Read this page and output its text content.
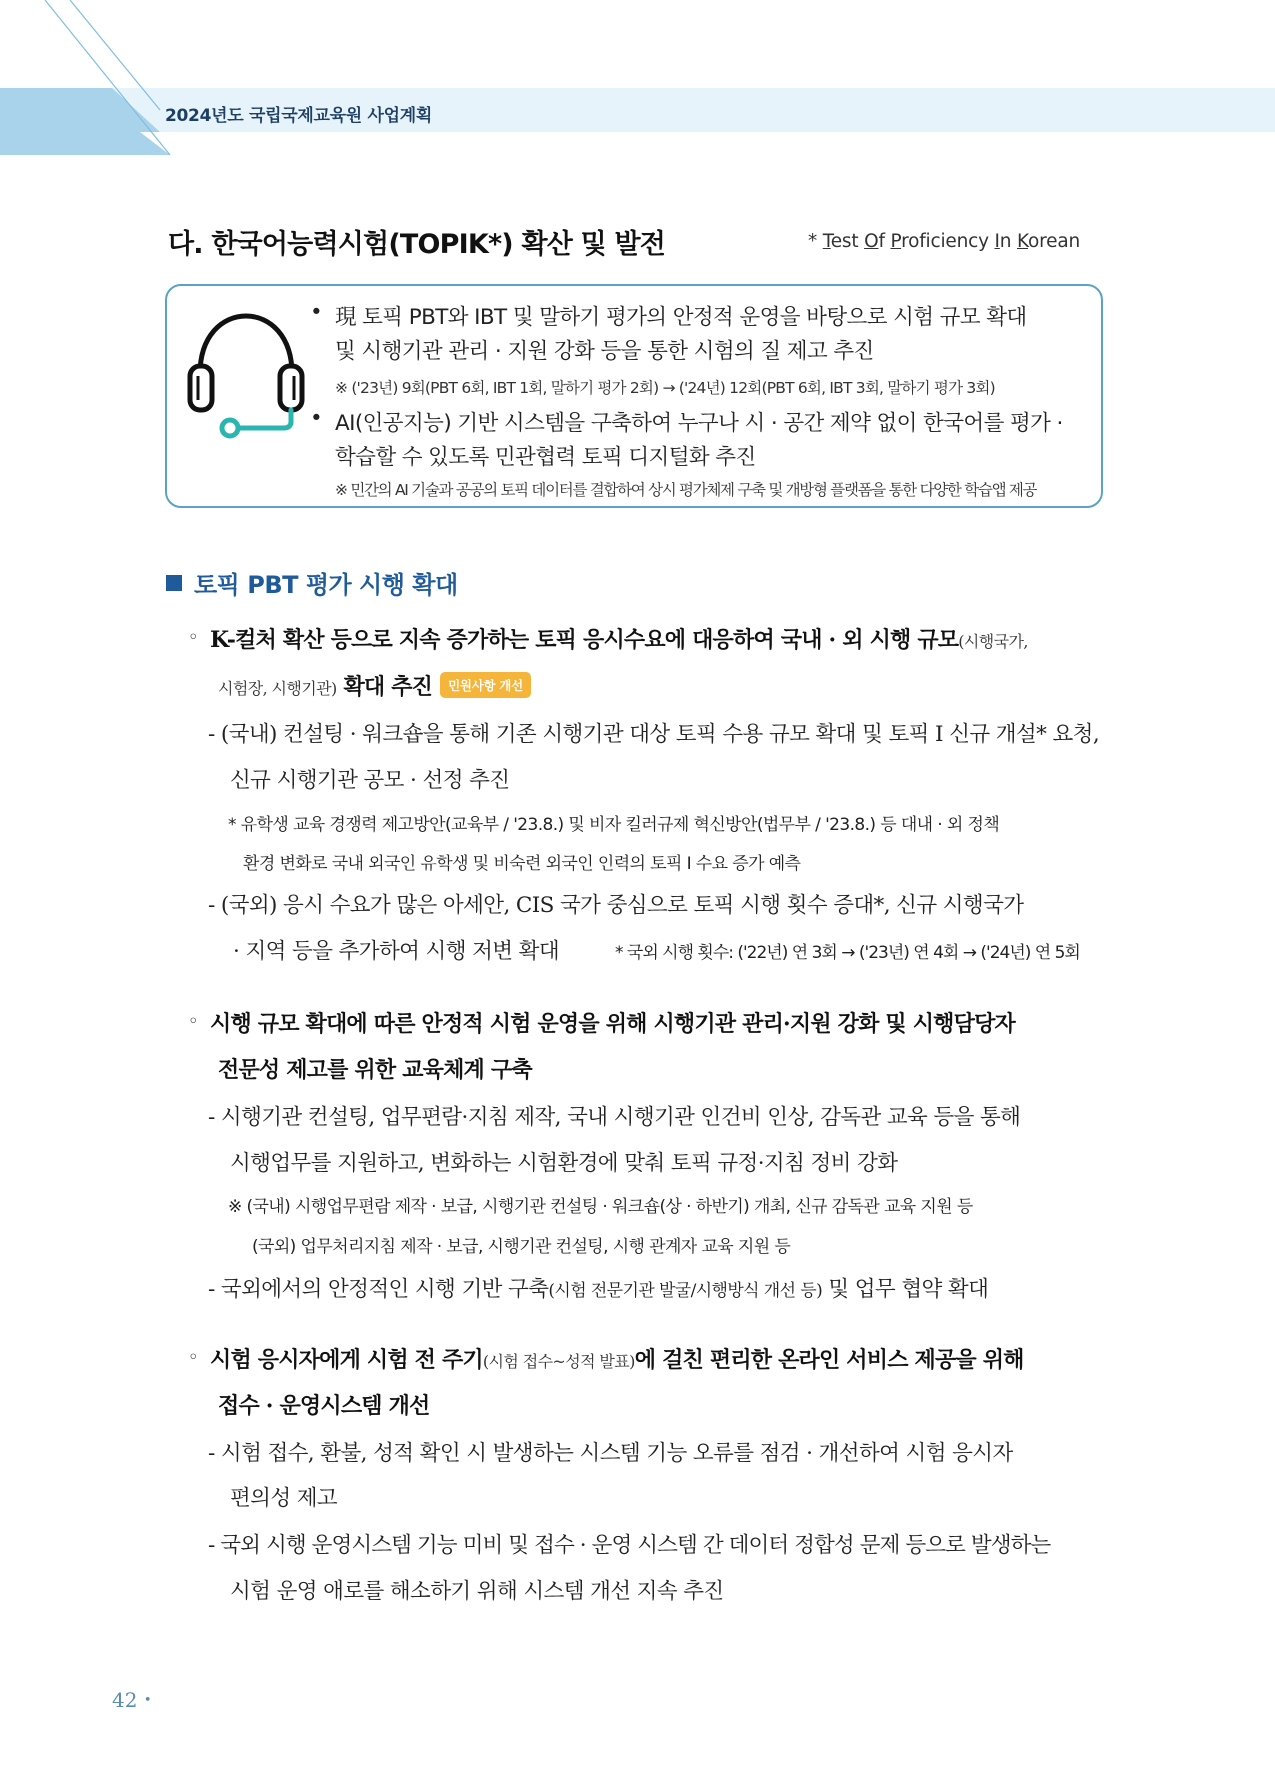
2024년도 국립국제교육원 사업계획
다. 한국어능력시험(TOPIK*) 확산 및 발전	* Test Of Proficiency In Korean
• 現 토픽 PBT와 IBT 및 말하기 평가의 안정적 운영을 바탕으로 시험 규모 확대
및 시행기관 관리 · 지원 강화 등을 통한 시험의 질 제고 추진
※ ('23년) 9회(PBT 6회, IBT 1회, 말하기 평가 2회) → ('24년) 12회(PBT 6회, IBT 3회, 말하기 평가 3회)
• AI(인공지능) 기반 시스템을 구축하여 누구나 시 · 공간 제약 없이 한국어를 평가 ·
학습할 수 있도록 민관협력 토픽 디지털화 추진
※ 민간의 AI 기술과 공공의 토픽 데이터를 결합하여 상시 평가체제 구축 및 개방형 플랫폼을 통한 다양한 학습앱 제공
토픽 PBT 평가 시행 확대
◦ K-컬처 확산 등으로 지속 증가하는 토픽 응시수요에 대응하여 국내 · 외 시행 규모(시행국가,
시험장, 시행기관) 확대 추진 민원사항 개선
- (국내) 컨설팅 · 워크숍을 통해 기존 시행기관 대상 토픽 수용 규모 확대 및 토픽 I 신규 개설* 요청,
신규 시행기관 공모 · 선정 추진
* 유학생 교육 경쟁력 제고방안(교육부 / '23.8.) 및 비자 킬러규제 혁신방안(법무부 / '23.8.) 등 대내 · 외 정책
환경 변화로 국내 외국인 유학생 및 비숙련 외국인 인력의 토픽 I 수요 증가 예측
- (국외) 응시 수요가 많은 아세안, CIS 국가 중심으로 토픽 시행 횟수 증대*, 신규 시행국가
· 지역 등을 추가하여 시행 저변 확대	* 국외 시행 횟수: ('22년) 연 3회 → ('23년) 연 4회 → ('24년) 연 5회
◦ 시행 규모 확대에 따른 안정적 시험 운영을 위해 시행기관 관리·지원 강화 및 시행담당자
전문성 제고를 위한 교육체계 구축
- 시행기관 컨설팅, 업무편람·지침 제작, 국내 시행기관 인건비 인상, 감독관 교육 등을 통해
시행업무를 지원하고, 변화하는 시험환경에 맞춰 토픽 규정·지침 정비 강화
※ (국내) 시행업무편람 제작 · 보급, 시행기관 컨설팅 · 워크숍(상 · 하반기) 개최, 신규 감독관 교육 지원 등
(국외) 업무처리지침 제작 · 보급, 시행기관 컨설팅, 시행 관계자 교육 지원 등
- 국외에서의 안정적인 시행 기반 구축(시험 전문기관 발굴/시행방식 개선 등) 및 업무 협약 확대
◦ 시험 응시자에게 시험 전 주기(시험 접수~성적 발표)에 걸친 편리한 온라인 서비스 제공을 위해
접수 · 운영시스템 개선
- 시험 접수, 환불, 성적 확인 시 발생하는 시스템 기능 오류를 점검 · 개선하여 시험 응시자
편의성 제고
- 국외 시행 운영시스템 기능 미비 및 접수 · 운영 시스템 간 데이터 정합성 문제 등으로 발생하는
시험 운영 애로를 해소하기 위해 시스템 개선 지속 추진
42 •
